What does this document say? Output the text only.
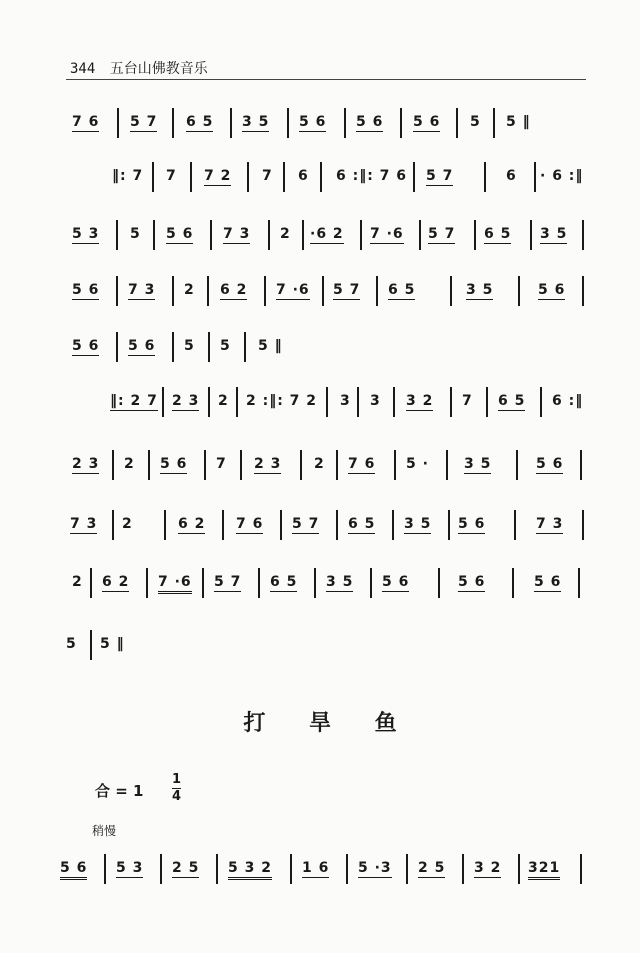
344 五台山佛教音乐
7 6 5 7 6 5 3 5 5 6 5 6 5 6 5 5 ‖
‖: 7 7 7 2 7 6 6 :‖: 7 6 5 7	6 · 6 :‖
5 3 5 5 6 7 3 2 ·6 2 7 ·6 5 7 6 5 3 5
5 6 7 3 2 6 2 7 ·6 5 7 6 5	3 5	5 6
5 6 5 6 5 5 5 ‖
‖: 2 7 2 3 2 2 :‖: 7 2 3 3 3 2 7 6 5 6 :‖
2 3 2 5 6 7 2 3 2 7 6 5 ·	3 5	5 6
7 3 2	6 2 7 6 5 7 6 5 3 5 5 6	7 3
2 6 2 7 ·6 5 7 6 5 3 5 5 6	5 6	5 6
5 5 ‖
打 旱 鱼
合 = 1
1
4
稍慢
5 6 5 3 2 5 5 3 2 1 6 5 ·3 2 5 3 2 321
